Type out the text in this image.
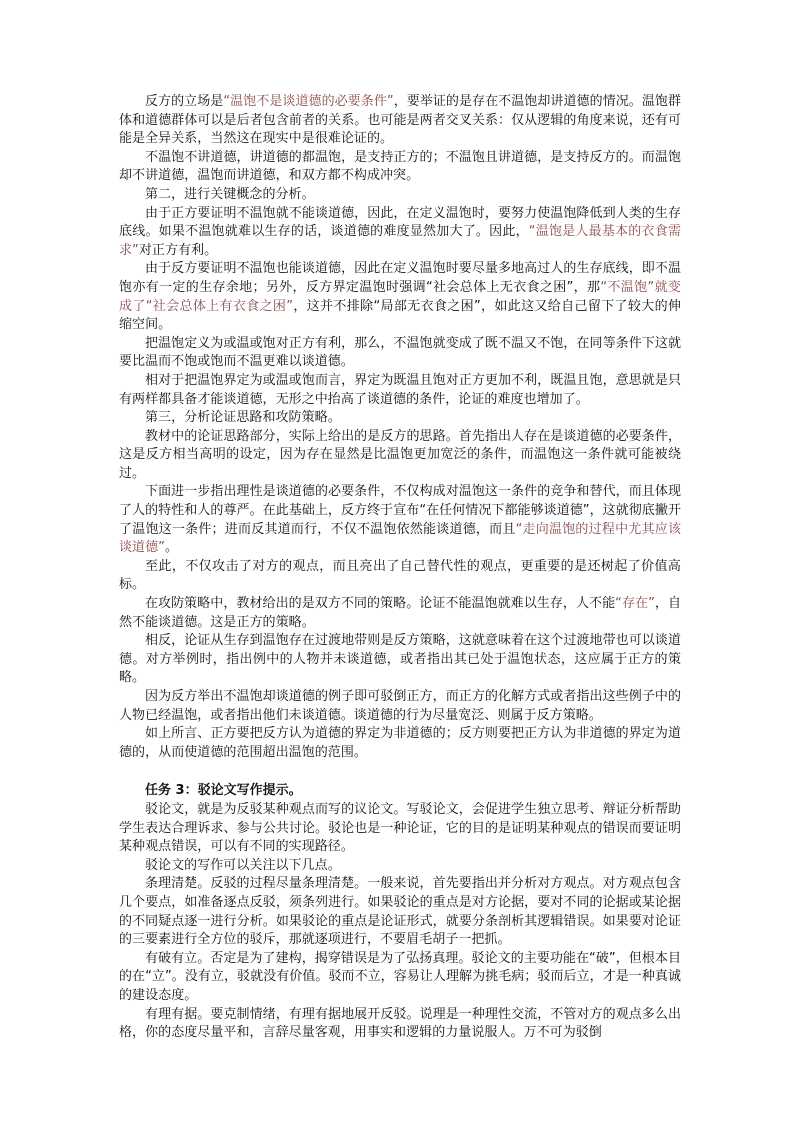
反方的立场是“温饱不是谈道德的必要条件”，要举证的是存在不温饱却讲道德的情况。温饱群体和道德群体可以是后者包含前者的关系。也可能是两者交叉关系：仅从逻辑的角度来说，还有可能是全异关系，当然这在现实中是很难论证的。

不温饱不讲道德，讲道德的都温饱，是支持正方的；不温饱且讲道德，是支持反方的。而温饱却不讲道德，温饱而讲道德，和双方都不构成冲突。

第二，进行关键概念的分析。

由于正方要证明不温饱就不能谈道德，因此，在定义温饱时，要努力使温饱降低到人类的生存底线。如果不温饱就难以生存的话，谈道德的难度显然加大了。因此，“温饱是人最基本的衣食需求”对正方有利。

由于反方要证明不温饱也能谈道德，因此在定义温饱时要尽量多地高过人的生存底线，即不温饱亦有一定的生存余地；另外，反方界定温饱时强调“社会总体上无衣食之困”，那“不温饱”就变成了“社会总体上有衣食之困”，这并不排除“局部无衣食之困”，如此这又给自己留下了较大的伸缩空间。

把温饱定义为或温或饱对正方有利，那么，不温饱就变成了既不温又不饱，在同等条件下这就要比温而不饱或饱而不温更难以谈道德。

相对于把温饱界定为或温或饱而言，界定为既温且饱对正方更加不利，既温且饱，意思就是只有两样都具备才能谈道德，无形之中抬高了谈道德的条件，论证的难度也增加了。

第三，分析论证思路和攻防策略。

教材中的论证思路部分，实际上给出的是反方的思路。首先指出人存在是谈道德的必要条件，这是反方相当高明的设定，因为存在显然是比温饱更加宽泛的条件，而温饱这一条件就可能被绕过。

下面进一步指出理性是谈道德的必要条件，不仅构成对温饱这一条件的竞争和替代，而且体现了人的特性和人的尊严。在此基础上，反方终于宣布“在任何情况下都能够谈道德”，这就彻底撇开了温饱这一条件；进而反其道而行，不仅不温饱依然能谈道德，而且“走向温饱的过程中尤其应该谈道德”。

至此，不仅攻击了对方的观点，而且亮出了自己替代性的观点，更重要的是还树起了价值高标。

在攻防策略中，教材给出的是双方不同的策略。论证不能温饱就难以生存，人不能“存在”，自然不能谈道德。这是正方的策略。

相反，论证从生存到温饱存在过渡地带则是反方策略，这就意味着在这个过渡地带也可以谈道德。对方举例时，指出例中的人物并未谈道德，或者指出其已处于温饱状态，这应属于正方的策略。

因为反方举出不温饱却谈道德的例子即可驳倒正方，而正方的化解方式或者指出这些例子中的人物已经温饱，或者指出他们未谈道德。谈道德的行为尽量宽泛、则属于反方策略。

如上所言、正方要把反方认为道德的界定为非道德的；反方则要把正方认为非道德的界定为道德的，从而使道德的范围超出温饱的范围。

任务 3：驳论文写作提示。

驳论文，就是为反驳某种观点而写的议论文。写驳论文，会促进学生独立思考、辩证分析帮助学生表达合理诉求、参与公共讨论。驳论也是一种论证，它的目的是证明某种观点的错误而要证明某种观点错误，可以有不同的实现路径。

驳论文的写作可以关注以下几点。

条理清楚。反驳的过程尽量条理清楚。一般来说，首先要指出并分析对方观点。对方观点包含几个要点，如准备逐点反驳，须条列进行。如果驳论的重点是对方论据，要对不同的论据或某论据的不同疑点逐一进行分析。如果驳论的重点是论证形式，就要分条剖析其逻辑错误。如果要对论证的三要素进行全方位的驳斥，那就逐项进行，不要眉毛胡子一把抓。

有破有立。否定是为了建构，揭穿错误是为了弘扬真理。驳论文的主要功能在“破”，但根本目的在“立”。没有立，驳就没有价值。驳而不立，容易让人理解为挑毛病；驳而后立，才是一种真诚的建设态度。

有理有据。要克制情绪，有理有据地展开反驳。说理是一种理性交流，不管对方的观点多么出格，你的态度尽量平和，言辞尽量客观，用事实和逻辑的力量说服人。万不可为驳倒
